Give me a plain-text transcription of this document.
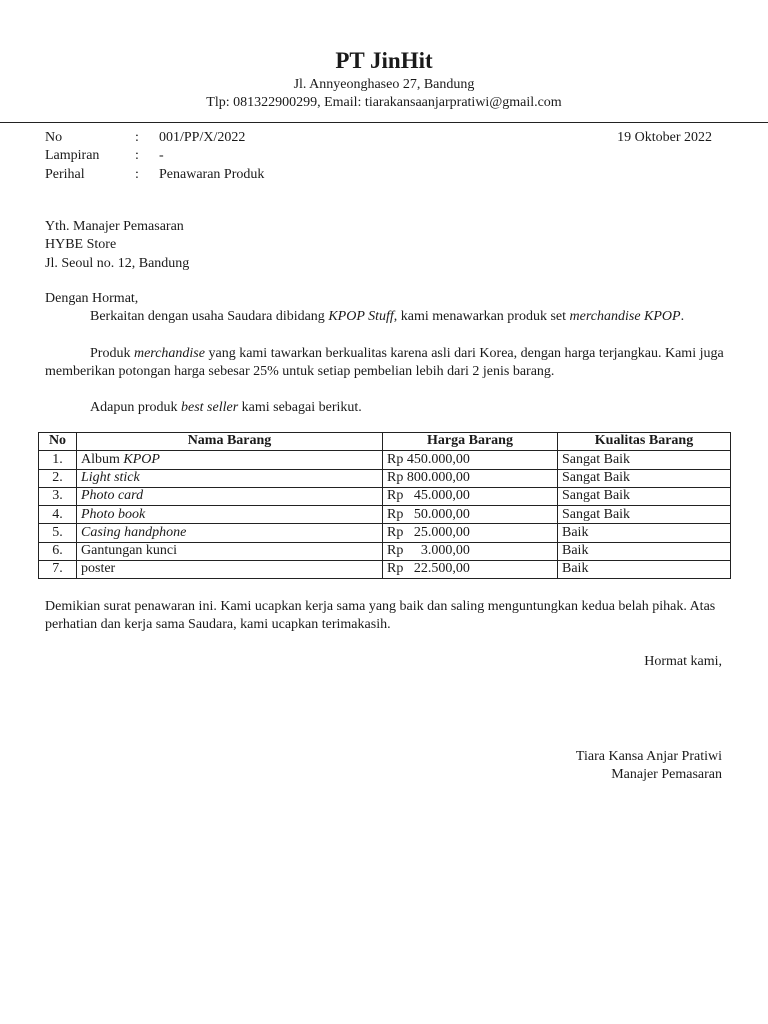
PT JinHit
Jl. Annyeonghaseo 27, Bandung
Tlp: 081322900299, Email: tiarakansaanjarpratiwi@gmail.com
No	:	001/PP/X/2022
Lampiran	:	-
Perihal	:	Penawaran Produk
19 Oktober 2022
Yth. Manajer Pemasaran
HYBE Store
Jl. Seoul no. 12, Bandung

Dengan Hormat,

Berkaitan dengan usaha Saudara dibidang KPOP Stuff, kami menawarkan produk set merchandise KPOP.

Produk merchandise yang kami tawarkan berkualitas karena asli dari Korea, dengan harga terjangkau. Kami juga memberikan potongan harga sebesar 25% untuk setiap pembelian lebih dari 2 jenis barang.

Adapun produk best seller kami sebagai berikut.

No	Nama Barang	Harga Barang	Kualitas Barang
1.	Album KPOP	Rp 450.000,00	Sangat Baik
2.	Light stick	Rp 800.000,00	Sangat Baik
3.	Photo card	Rp   45.000,00	Sangat Baik
4.	Photo book	Rp   50.000,00	Sangat Baik
5.	Casing handphone	Rp   25.000,00	Baik
6.	Gantungan kunci	Rp     3.000,00	Baik
7.	poster	Rp   22.500,00	Baik

Demikian surat penawaran ini. Kami ucapkan kerja sama yang baik dan saling menguntungkan kedua belah pihak. Atas perhatian dan kerja sama Saudara, kami ucapkan terimakasih.

Hormat kami,
Tiara Kansa Anjar Pratiwi
Manajer Pemasaran
